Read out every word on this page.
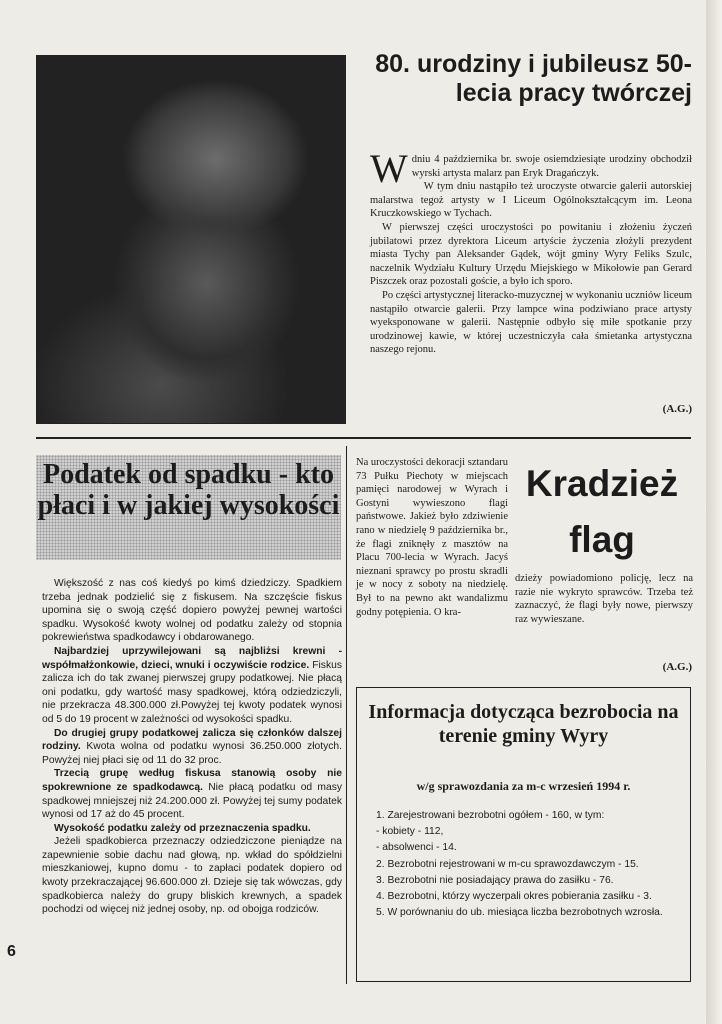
80. urodziny i jubileusz 50-lecia pracy twórczej

Wdniu 4 października br. swoje osiemdziesiąte urodziny obchodził wyrski artysta malarz pan Eryk Dragańczyk.

W tym dniu nastąpiło też uroczyste otwarcie galerii autorskiej malarstwa tegoż artysty w I Liceum Ogólnokształcącym im. Leona Kruczkowskiego w Tychach.

W pierwszej części uroczystości po powitaniu i złożeniu życzeń jubilatowi przez dyrektora Liceum artyście życzenia złożyli prezydent miasta Tychy pan Aleksander Gądek, wójt gminy Wyry Feliks Szulc, naczelnik Wydziału Kultury Urzędu Miejskiego w Mikołowie pan Gerard Piszczek oraz pozostali goście, a było ich sporo.

Po części artystycznej literacko-muzycznej w wykonaniu uczniów liceum nastąpiło otwarcie galerii. Przy lampce wina podziwiano prace artysty wyeksponowane w galerii. Następnie odbyło się miłe spotkanie przy urodzinowej kawie, w której uczestniczyła cała śmietanka artystyczna naszego rejonu.

(A.G.)
Podatek od spadku - kto płaci i w jakiej wysokości

Większość z nas coś kiedyś po kimś dziedziczy. Spadkiem trzeba jednak podzielić się z fiskusem. Na szczęście fiskus upomina się o swoją część dopiero powyżej pewnej wartości spadku. Wysokość kwoty wolnej od podatku zależy od stopnia pokrewieństwa spadkodawcy i obdarowanego.

Najbardziej uprzywilejowani są najbliżsi krewni - współmałżonkowie, dzieci, wnuki i oczywiście rodzice. Fiskus zalicza ich do tak zwanej pierwszej grupy podatkowej. Nie płacą oni podatku, gdy wartość masy spadkowej, którą odziedziczyli, nie przekracza 48.300.000 zł.Powyżej tej kwoty podatek wynosi od 5 do 19 procent w zależności od wysokości spadku.

Do drugiej grupy podatkowej zalicza się członków dalszej rodziny. Kwota wolna od podatku wynosi 36.250.000 złotych. Powyżej niej płaci się od 11 do 32 proc.

Trzecią grupę według fiskusa stanowią osoby nie spokrewnione ze spadkodawcą. Nie płacą podatku od masy spadkowej mniejszej niż 24.200.000 zł. Powyżej tej sumy podatek wynosi od 17 aż do 45 procent.

Wysokość podatku zależy od przeznaczenia spadku.

Jeżeli spadkobierca przeznaczy odziedziczone pieniądze na zapewnienie sobie dachu nad głową, np. wkład do spółdzielni mieszkaniowej, kupno domu - to zapłaci podatek dopiero od kwoty przekraczającej 96.600.000 zł. Dzieje się tak wówczas, gdy spadkobierca należy do grupy bliskich krewnych, a spadek pochodzi od więcej niż jednej osoby, np. od obojga rodziców.

6
Na uroczystości dekoracji sztandaru 73 Pułku Piechoty w miejscach pamięci narodowej w Wyrach i Gostyni wywieszono flagi państwowe. Jakież było zdziwienie rano w niedzielę 9 października br., że flagi zniknęły z masztów na Placu 700-lecia w Wyrach. Jacyś nieznani sprawcy po prostu skradli je w nocy z soboty na niedzielę. Był to na pewno akt wandalizmu godny potępienia. O kra-
Kradzież flag
dzieży powiadomiono policję, lecz na razie nie wykryto sprawców. Trzeba też zaznaczyć, że flagi były nowe, pierwszy raz wywieszane.
(A.G.)
Informacja dotycząca bezrobocia na terenie gminy Wyry
w/g sprawozdania za m-c wrzesień 1994 r.
1. Zarejestrowani bezrobotni ogółem - 160, w tym:
- kobiety - 112,
- absolwenci - 14.
2. Bezrobotni rejestrowani w m-cu sprawozdawczym - 15.
3. Bezrobotni nie posiadający prawa do zasiłku - 76.
4. Bezrobotni, którzy wyczerpali okres pobierania zasiłku - 3.
5. W porównaniu do ub. miesiąca liczba bezrobotnych wzrosła.
